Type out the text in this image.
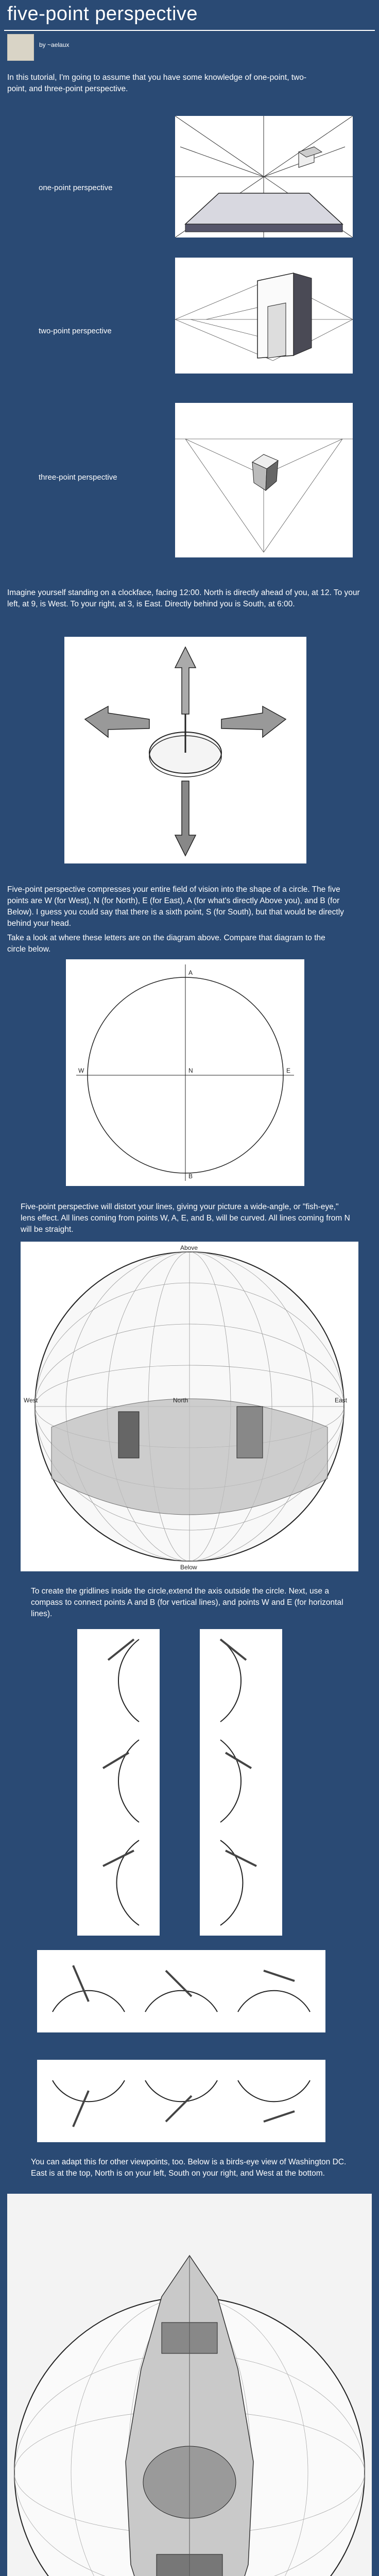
five-point perspective
by ~aelaux
In this tutorial, I'm going to assume that you have some knowledge of one-point, two-point, and three-point perspective.
one-point perspective
two-point perspective
three-point perspective
Imagine yourself standing on a clockface, facing 12:00. North is directly ahead of you, at 12. To your left, at 9, is West. To your right, at 3, is East. Directly behind you is South, at 6:00.
Five-point perspective compresses your entire field of vision into the shape of a circle. The five points are W (for West), N (for North), E (for East), A (for what's directly Above you), and B (for Below). I guess you could say that there is a sixth point, S (for South), but that would be directly behind your head.
Take a look at where these letters are on the diagram above. Compare that diagram to the circle below.
A
W	N	E
B
Five-point perspective will distort your lines, giving your picture a wide-angle, or "fish-eye," lens effect. All lines coming from points W, A, E, and B, will be curved. All lines coming from N will be straight.
Above
West	North	East
Below
To create the gridlines inside the circle,extend the axis outside the circle. Next, use a compass to connect points A and B (for vertical lines), and points W and E (for horizontal lines).
You can adapt this for other viewpoints, too. Below is a birds-eye view of Washington DC. East is at the top, North is on your left, South on your right, and West at the bottom.
